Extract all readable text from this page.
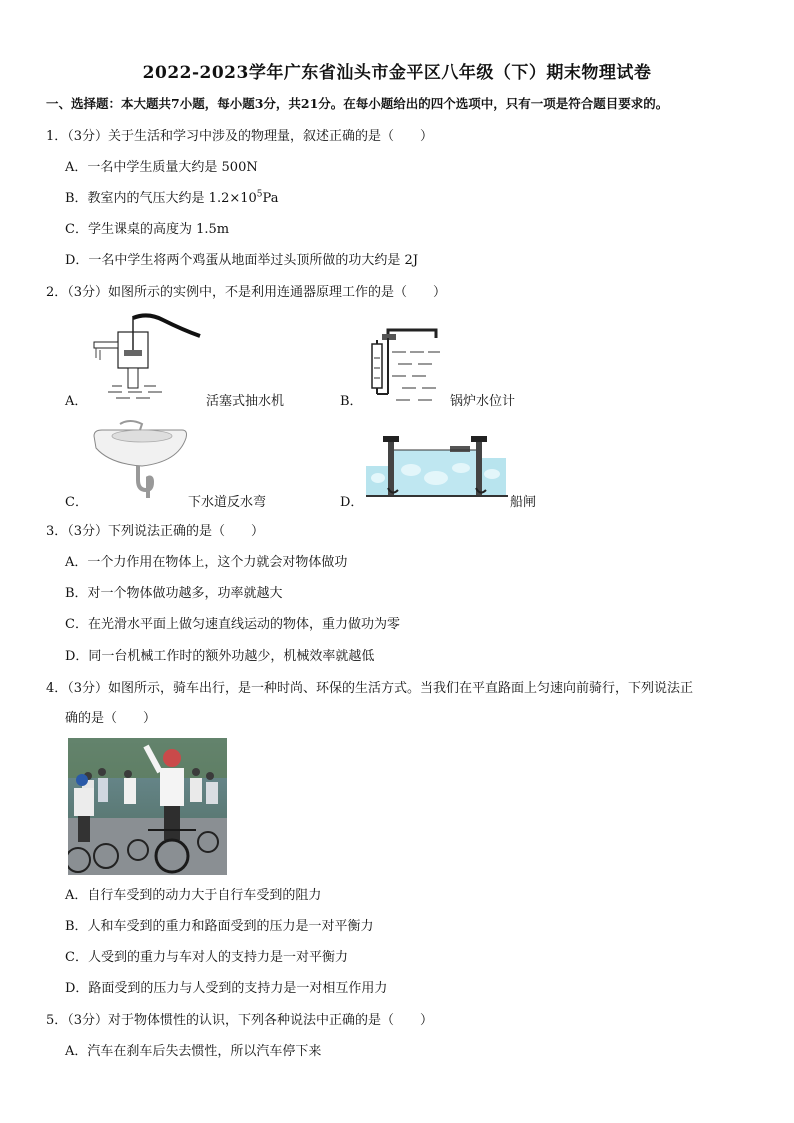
2022-2023学年广东省汕头市金平区八年级（下）期末物理试卷
一、选择题：本大题共7小题，每小题3分，共21分。在每小题给出的四个选项中，只有一项是符合题目要求的。
1．（3分）关于生活和学习中涉及的物理量，叙述正确的是（　　）
A．一名中学生质量大约是 500N
B．教室内的气压大约是 $1.2\times 10^5Pa$
C．学生课桌的高度为 1.5m
D．一名中学生将两个鸡蛋从地面举过头顶所做的功大约是 2J
2．（3分）如图所示的实例中，不是利用连通器原理工作的是（　　）
A．	活塞式抽水机	B．	锅炉水位计
C．	下水道反水弯	D．	船闸
3．（3分）下列说法正确的是（　　）
A．一个力作用在物体上，这个力就会对物体做功
B．对一个物体做功越多，功率就越大
C．在光滑水平面上做匀速直线运动的物体，重力做功为零
D．同一台机械工作时的额外功越少，机械效率就越低
4．（3分）如图所示，骑车出行，是一种时尚、环保的生活方式。当我们在平直路面上匀速向前骑行，下列说法正
确的是（　　）
A．自行车受到的动力大于自行车受到的阻力
B．人和车受到的重力和路面受到的压力是一对平衡力
C．人受到的重力与车对人的支持力是一对平衡力
D．路面受到的压力与人受到的支持力是一对相互作用力
5．（3分）对于物体惯性的认识，下列各种说法中正确的是（　　）
A．汽车在刹车后失去惯性，所以汽车停下来
